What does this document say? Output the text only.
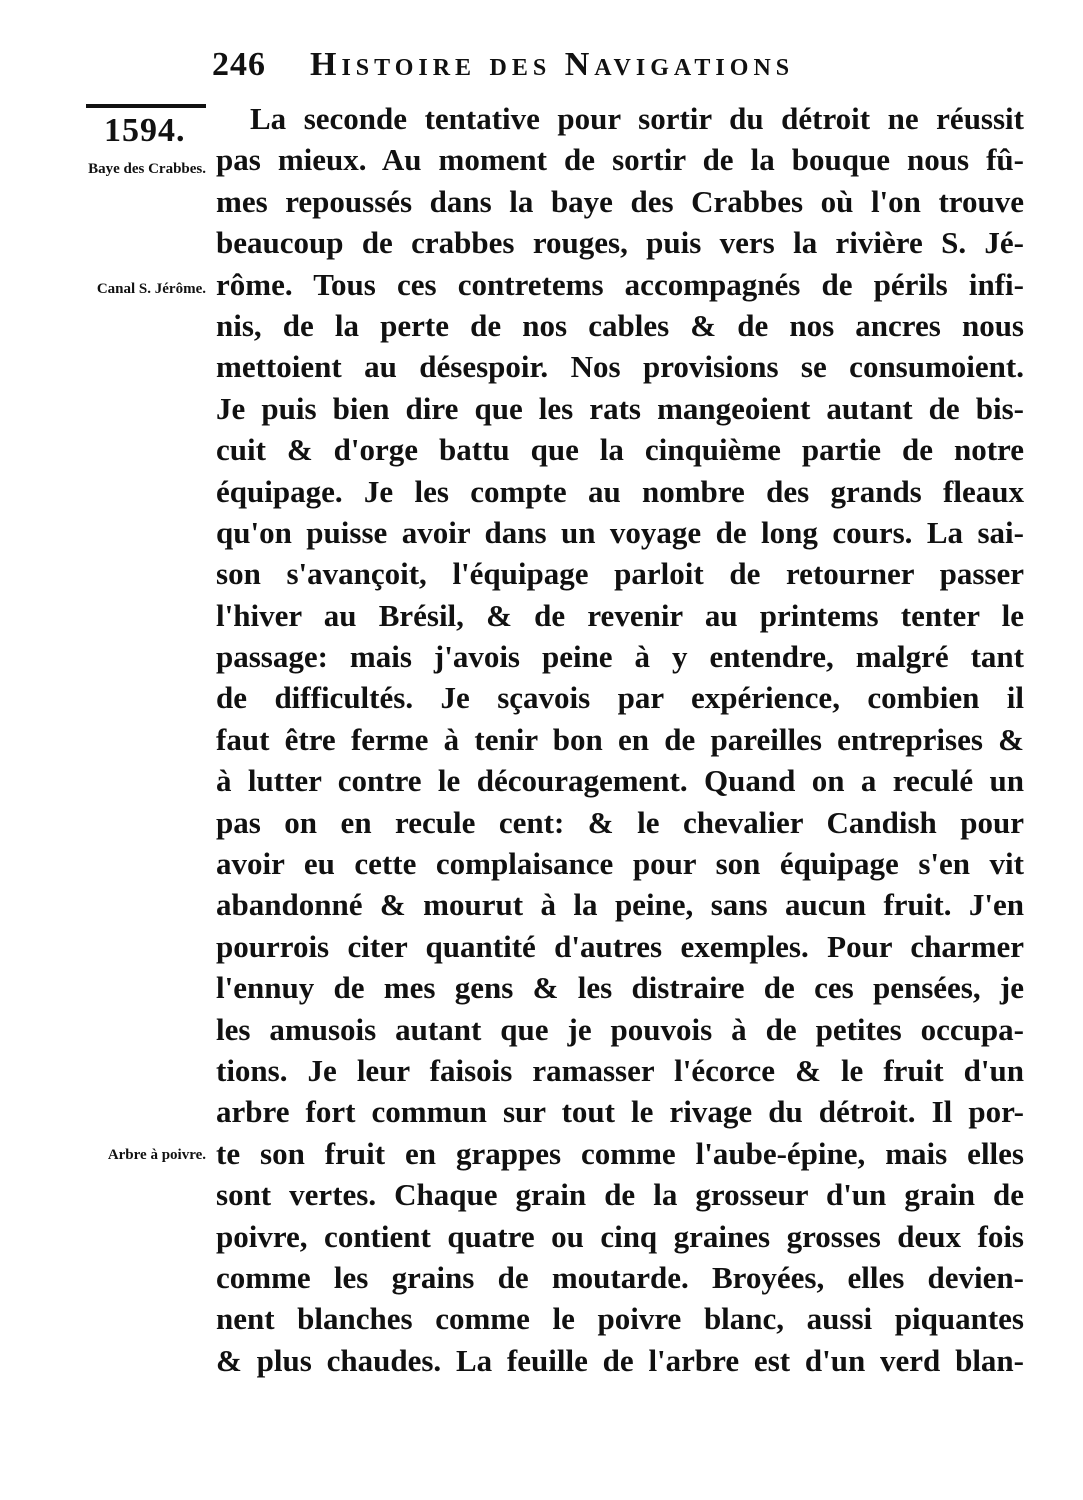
246 Histoire des Navigations
1594.
Baye des Crabbes.
Canal S. Jérôme.
Arbre à poivre.
La seconde tentative pour sortir du détroit ne réussit
pas mieux. Au moment de sortir de la bouque nous fû-
mes repoussés dans la baye des Crabbes où l'on trouve
beaucoup de crabbes rouges, puis vers la rivière S. Jé-
rôme. Tous ces contretems accompagnés de périls infi-
nis, de la perte de nos cables & de nos ancres nous
mettoient au désespoir. Nos provisions se consumoient.
Je puis bien dire que les rats mangeoient autant de bis-
cuit & d'orge battu que la cinquième partie de notre
équipage. Je les compte au nombre des grands fleaux
qu'on puisse avoir dans un voyage de long cours. La sai-
son s'avançoit, l'équipage parloit de retourner passer
l'hiver au Brésil, & de revenir au printems tenter le
passage: mais j'avois peine à y entendre, malgré tant
de difficultés. Je sçavois par expérience, combien il
faut être ferme à tenir bon en de pareilles entreprises &
à lutter contre le découragement. Quand on a reculé un
pas on en recule cent: & le chevalier Candish pour
avoir eu cette complaisance pour son équipage s'en vit
abandonné & mourut à la peine, sans aucun fruit. J'en
pourrois citer quantité d'autres exemples. Pour charmer
l'ennuy de mes gens & les distraire de ces pensées, je
les amusois autant que je pouvois à de petites occupa-
tions. Je leur faisois ramasser l'écorce & le fruit d'un
arbre fort commun sur tout le rivage du détroit. Il por-
te son fruit en grappes comme l'aube-épine, mais elles
sont vertes. Chaque grain de la grosseur d'un grain de
poivre, contient quatre ou cinq graines grosses deux fois
comme les grains de moutarde. Broyées, elles devien-
nent blanches comme le poivre blanc, aussi piquantes
& plus chaudes. La feuille de l'arbre est d'un verd blan-
